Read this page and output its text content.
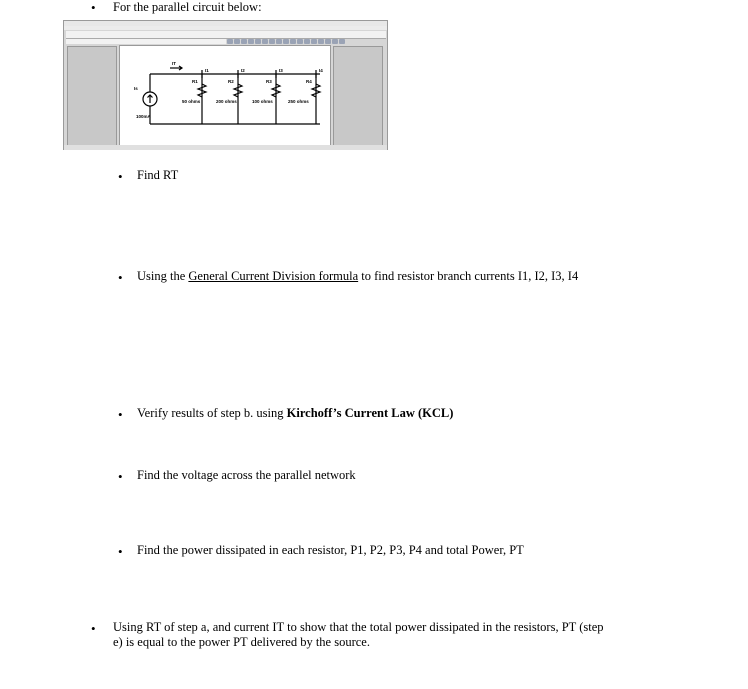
• For the parallel circuit below:
IT
Is
100mA
I1
R1
50 ohms
I2
R2
200 ohms
I3
R3
100 ohms
I4
R4
250 ohms
• Find RT
• Using the General Current Division formula to find resistor branch currents I1, I2, I3, I4
• Verify results of step b. using Kirchoff’s Current Law (KCL)
• Find the voltage across the parallel network
• Find the power dissipated in each resistor, P1, P2, P3, P4 and total Power, PT
• Using RT of step a, and current IT to show that the total power dissipated in the resistors, PT (step
e) is equal to the power PT delivered by the source.
